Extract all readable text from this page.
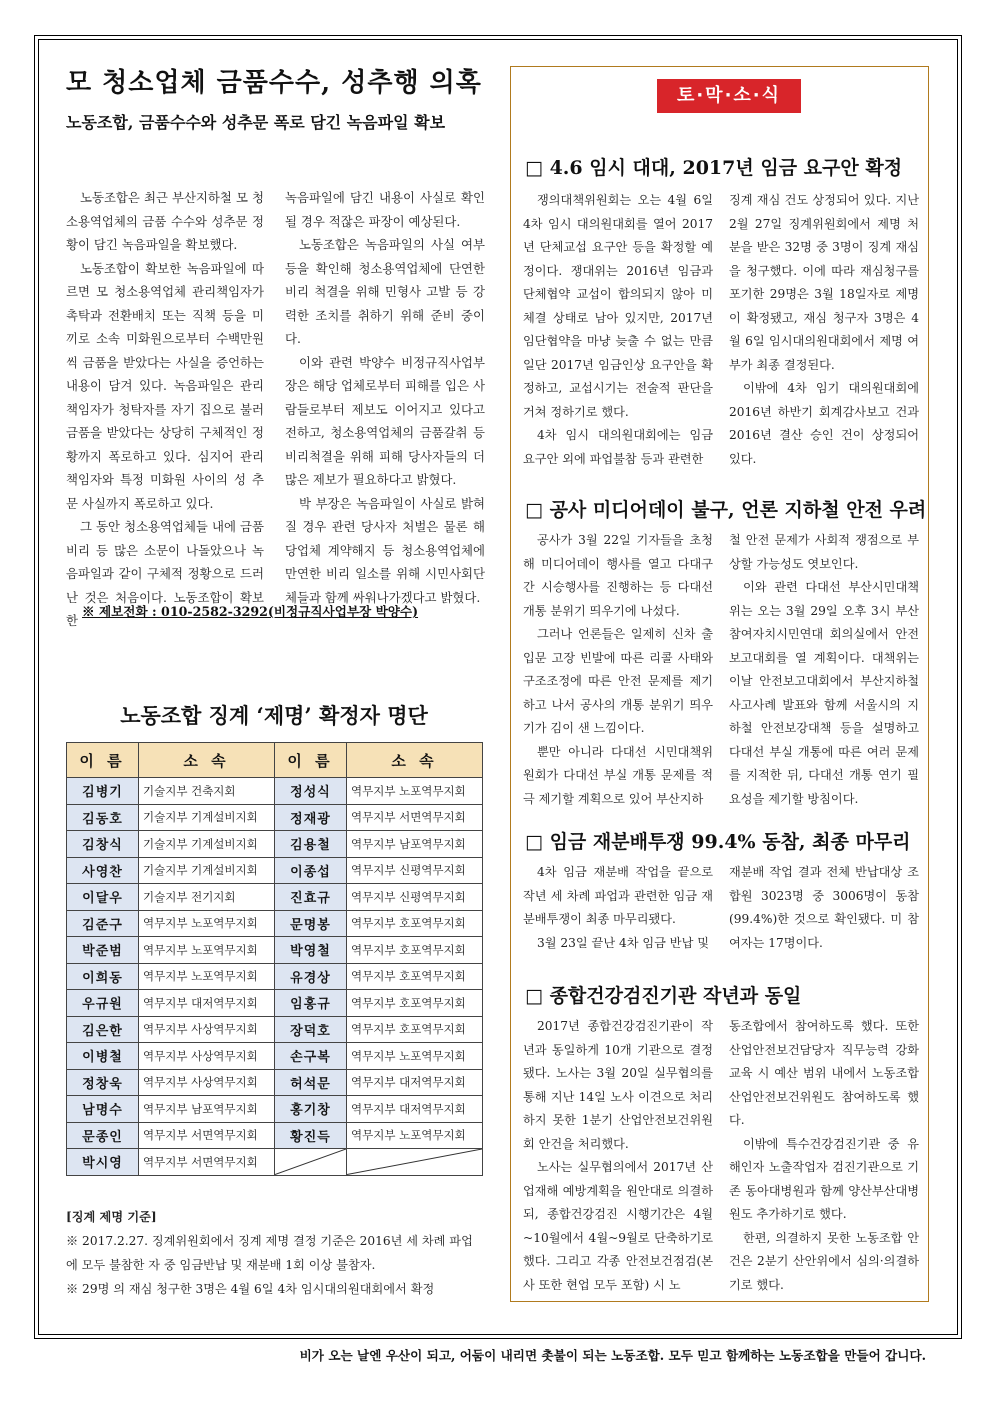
모 청소업체 금품수수, 성추행 의혹
노동조합, 금품수수와 성추문 폭로 담긴 녹음파일 확보

노동조합은 최근 부산지하철 모 청소용역업체의 금품 수수와 성추문 정황이 담긴 녹음파일을 확보했다.

노동조합이 확보한 녹음파일에 따르면 모 청소용역업체 관리책임자가 촉탁과 전환배치 또는 직책 등을 미끼로 소속 미화원으로부터 수백만원씩 금품을 받았다는 사실을 증언하는 내용이 담겨 있다. 녹음파일은 관리책임자가 청탁자를 자기 집으로 불러 금품을 받았다는 상당히 구체적인 정황까지 폭로하고 있다. 심지어 관리책임자와 특정 미화원 사이의 성 추문 사실까지 폭로하고 있다.

그 동안 청소용역업체들 내에 금품비리 등 많은 소문이 나돌았으나 녹음파일과 같이 구체적 정황으로 드러난 것은 처음이다. 노동조합이 확보한

녹음파일에 담긴 내용이 사실로 확인될 경우 적잖은 파장이 예상된다.

노동조합은 녹음파일의 사실 여부 등을 확인해 청소용역업체에 단연한 비리 척결을 위해 민형사 고발 등 강력한 조치를 취하기 위해 준비 중이다.

이와 관련 박양수 비정규직사업부장은 해당 업체로부터 피해를 입은 사람들로부터 제보도 이어지고 있다고 전하고, 청소용역업체의 금품갈취 등 비리척결을 위해 피해 당사자들의 더 많은 제보가 필요하다고 밝혔다.

박 부장은 녹음파일이 사실로 밝혀질 경우 관련 당사자 처벌은 물론 해당업체 계약해지 등 청소용역업체에 만연한 비리 일소를 위해 시민사회단체들과 함께 싸워나가겠다고 밝혔다.

※ 제보전화 : 010-2582-3292(비정규직사업부장 박양수)
노동조합 징계 ‘제명’ 확정자 명단
이 름	소 속	이 름	소 속
김병기	기술지부 건축지회	정성식	역무지부 노포역무지회
김동호	기술지부 기계설비지회	정재광	역무지부 서면역무지회
김창식	기술지부 기계설비지회	김용철	역무지부 남포역무지회
사영찬	기술지부 기계설비지회	이종섭	역무지부 신평역무지회
이달우	기술지부 전기지회	진효규	역무지부 신평역무지회
김준구	역무지부 노포역무지회	문명봉	역무지부 호포역무지회
박준범	역무지부 노포역무지회	박영철	역무지부 호포역무지회
이희동	역무지부 노포역무지회	유경상	역무지부 호포역무지회
우규원	역무지부 대저역무지회	임홍규	역무지부 호포역무지회
김은한	역무지부 사상역무지회	장덕호	역무지부 호포역무지회
이병철	역무지부 사상역무지회	손구복	역무지부 노포역무지회
정창욱	역무지부 사상역무지회	허석문	역무지부 대저역무지회
남명수	역무지부 남포역무지회	홍기창	역무지부 대저역무지회
문종인	역무지부 서면역무지회	황진득	역무지부 노포역무지회
박시영	역무지부 서면역무지회	

[징계 제명 기준]
※ 2017.2.27. 징계위원회에서 징계 제명 결정 기준은 2016년 세 차례 파업에 모두 불참한 자 중 임금반납 및 재분배 1회 이상 불참자.
※ 29명 의 재심 청구한 3명은 4월 6일 4차 임시대의원대회에서 확정
토·막·소·식
□ 4.6 임시 대대, 2017년 임금 요구안 확정

쟁의대책위원회는 오는 4월 6일 4차 임시 대의원대회를 열어 2017년 단체교섭 요구안 등을 확정할 예정이다. 쟁대위는 2016년 임금과 단체협약 교섭이 합의되지 않아 미체결 상태로 남아 있지만, 2017년 임단협약을 마냥 늦출 수 없는 만큼 일단 2017년 임금인상 요구안을 확정하고, 교섭시기는 전술적 판단을 거쳐 정하기로 했다.

4차 임시 대의원대회에는 임금 요구안 외에 파업불참 등과 관련한

징계 재심 건도 상정되어 있다. 지난 2월 27일 징계위원회에서 제명 처분을 받은 32명 중 3명이 징계 재심을 청구했다. 이에 따라 재심청구를 포기한 29명은 3월 18일자로 제명이 확정됐고, 재심 청구자 3명은 4월 6일 임시대의원대회에서 제명 여부가 최종 결정된다.

이밖에 4차 임기 대의원대회에 2016년 하반기 회계감사보고 건과 2016년 결산 승인 건이 상정되어 있다.

□ 공사 미디어데이 불구, 언론 지하철 안전 우려

공사가 3월 22일 기자들을 초청해 미디어데이 행사를 열고 다대구간 시승행사를 진행하는 등 다대선 개통 분위기 띄우기에 나섰다.

그러나 언론들은 일제히 신차 출입문 고장 빈발에 따른 리콜 사태와 구조조정에 따른 안전 문제를 제기하고 나서 공사의 개통 분위기 띄우기가 김이 샌 느낌이다.

뿐만 아니라 다대선 시민대책위원회가 다대선 부실 개통 문제를 적극 제기할 계획으로 있어 부산지하

철 안전 문제가 사회적 쟁점으로 부상할 가능성도 엿보인다.

이와 관련 다대선 부산시민대책위는 오는 3월 29일 오후 3시 부산참여자치시민연대 회의실에서 안전보고대회를 열 계획이다. 대책위는 이날 안전보고대회에서 부산지하철 사고사례 발표와 함께 서울시의 지하철 안전보강대책 등을 설명하고 다대선 부실 개통에 따른 여러 문제를 지적한 뒤, 다대선 개통 연기 필요성을 제기할 방침이다.

□ 임금 재분배투쟁 99.4% 동참, 최종 마무리

4차 임금 재분배 작업을 끝으로 작년 세 차례 파업과 관련한 임금 재분배투쟁이 최종 마무리됐다.

3월 23일 끝난 4차 임금 반납 및

재분배 작업 결과 전체 반납대상 조합원 3023명 중 3006명이 동참(99.4%)한 것으로 확인됐다. 미 참여자는 17명이다.

□ 종합건강검진기관 작년과 동일

2017년 종합건강검진기관이 작년과 동일하게 10개 기관으로 결정됐다. 노사는 3월 20일 실무협의를 통해 지난 14일 노사 이견으로 처리하지 못한 1분기 산업안전보건위원회 안건을 처리했다.

노사는 실무협의에서 2017년 산업재해 예방계획을 원안대로 의결하되, 종합건강검진 시행기간은 4월~10월에서 4월~9월로 단축하기로 했다. 그리고 각종 안전보건점검(본사 또한 현업 모두 포함) 시 노

동조합에서 참여하도록 했다. 또한 산업안전보건담당자 직무능력 강화교육 시 예산 범위 내에서 노동조합 산업안전보건위원도 참여하도록 했다.

이밖에 특수건강검진기관 중 유해인자 노출작업자 검진기관으로 기존 동아대병원과 함께 양산부산대병원도 추가하기로 했다.

한편, 의결하지 못한 노동조합 안건은 2분기 산안위에서 심의·의결하기로 했다.

비가 오는 날엔 우산이 되고, 어둠이 내리면 촛불이 되는 노동조합. 모두 믿고 함께하는 노동조합을 만들어 갑니다.
